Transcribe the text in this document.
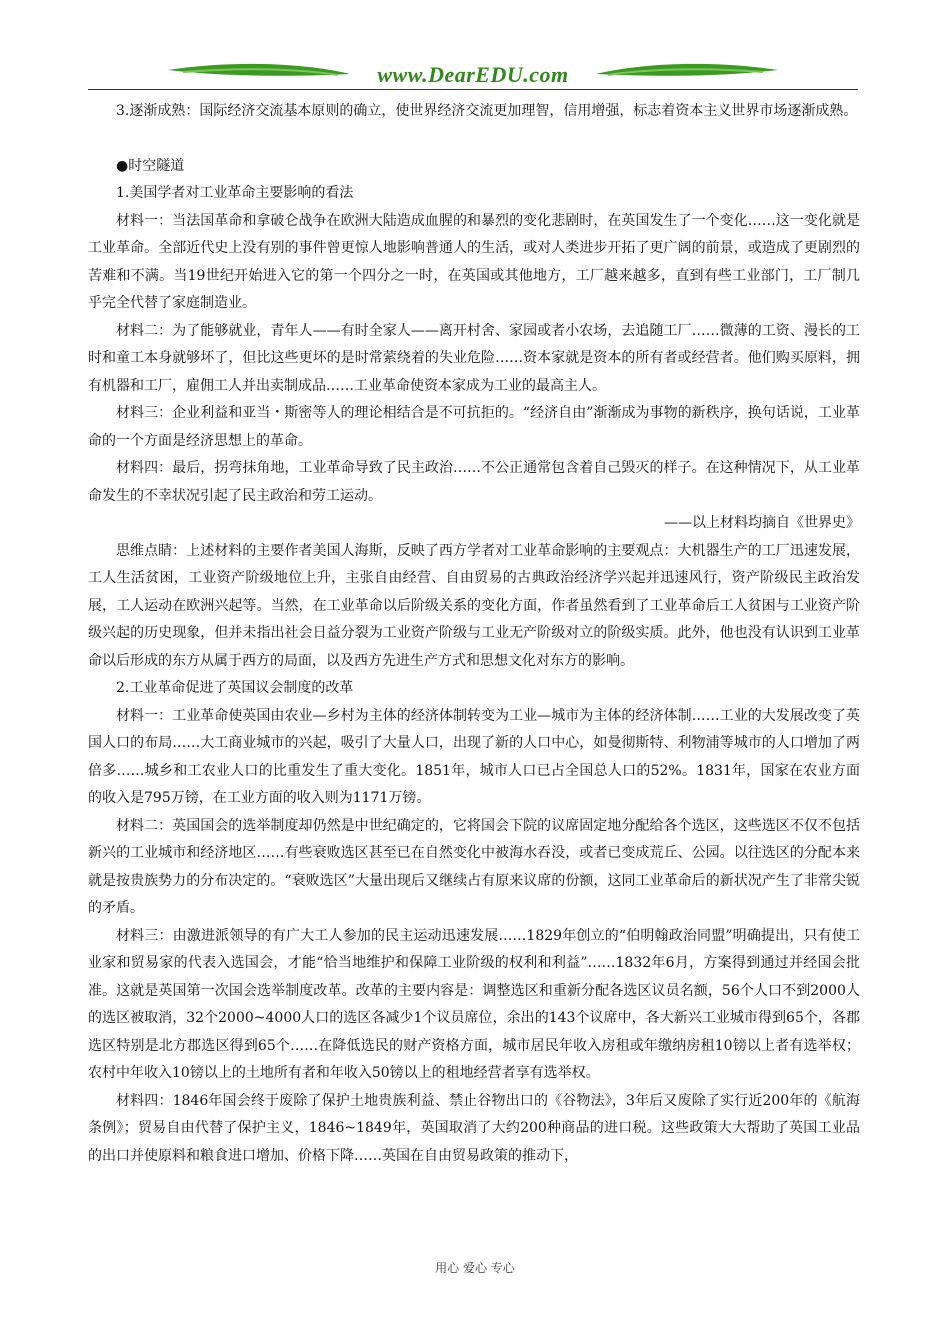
www.DearEDU.com

3.逐渐成熟：国际经济交流基本原则的确立，使世界经济交流更加理智，信用增强，标志着资本主义世界市场逐渐成熟。

●时空隧道

1.美国学者对工业革命主要影响的看法

材料一：当法国革命和拿破仑战争在欧洲大陆造成血腥的和暴烈的变化悲剧时，在英国发生了一个变化……这一变化就是工业革命。全部近代史上没有别的事件曾更惊人地影响普通人的生活，或对人类进步开拓了更广阔的前景，或造成了更剧烈的苦难和不满。当19世纪开始进入它的第一个四分之一时，在英国或其他地方，工厂越来越多，直到有些工业部门，工厂制几乎完全代替了家庭制造业。

材料二：为了能够就业，青年人——有时全家人——离开村舍、家园或者小农场，去追随工厂……微薄的工资、漫长的工时和童工本身就够坏了，但比这些更坏的是时常萦绕着的失业危险……资本家就是资本的所有者或经营者。他们购买原料，拥有机器和工厂，雇佣工人并出卖制成品……工业革命使资本家成为工业的最高主人。

材料三：企业利益和亚当・斯密等人的理论相结合是不可抗拒的。“经济自由”渐渐成为事物的新秩序，换句话说，工业革命的一个方面是经济思想上的革命。

材料四：最后，拐弯抹角地，工业革命导致了民主政治……不公正通常包含着自己毁灭的样子。在这种情况下，从工业革命发生的不幸状况引起了民主政治和劳工运动。

——以上材料均摘自《世界史》

思维点睛：上述材料的主要作者美国人海斯，反映了西方学者对工业革命影响的主要观点：大机器生产的工厂迅速发展，工人生活贫困，工业资产阶级地位上升，主张自由经营、自由贸易的古典政治经济学兴起并迅速风行，资产阶级民主政治发展，工人运动在欧洲兴起等。当然，在工业革命以后阶级关系的变化方面，作者虽然看到了工业革命后工人贫困与工业资产阶级兴起的历史现象，但并未指出社会日益分裂为工业资产阶级与工业无产阶级对立的阶级实质。此外，他也没有认识到工业革命以后形成的东方从属于西方的局面，以及西方先进生产方式和思想文化对东方的影响。

2.工业革命促进了英国议会制度的改革

材料一：工业革命使英国由农业—乡村为主体的经济体制转变为工业—城市为主体的经济体制……工业的大发展改变了英国人口的布局……大工商业城市的兴起，吸引了大量人口，出现了新的人口中心，如曼彻斯特、利物浦等城市的人口增加了两倍多……城乡和工农业人口的比重发生了重大变化。1851年，城市人口已占全国总人口的52%。1831年，国家在农业方面的收入是795万镑，在工业方面的收入则为1171万镑。

材料二：英国国会的选举制度却仍然是中世纪确定的，它将国会下院的议席固定地分配给各个选区，这些选区不仅不包括新兴的工业城市和经济地区……有些衰败选区甚至已在自然变化中被海水吞没，或者已变成荒丘、公园。以往选区的分配本来就是按贵族势力的分布决定的。“衰败选区”大量出现后又继续占有原来议席的份额，这同工业革命后的新状况产生了非常尖锐的矛盾。

材料三：由激进派领导的有广大工人参加的民主运动迅速发展……1829年创立的“伯明翰政治同盟”明确提出，只有使工业家和贸易家的代表入选国会，才能“恰当地维护和保障工业阶级的权利和利益”……1832年6月，方案得到通过并经国会批准。这就是英国第一次国会选举制度改革。改革的主要内容是：调整选区和重新分配各选区议员名额，56个人口不到2000人的选区被取消，32个2000~4000人口的选区各减少1个议员席位，余出的143个议席中，各大新兴工业城市得到65个，各郡选区特别是北方郡选区得到65个……在降低选民的财产资格方面，城市居民年收入房租或年缴纳房租10镑以上者有选举权；农村中年收入10镑以上的土地所有者和年收入50镑以上的租地经营者享有选举权。

材料四：1846年国会终于废除了保护土地贵族利益、禁止谷物出口的《谷物法》，3年后又废除了实行近200年的《航海条例》；贸易自由代替了保护主义，1846~1849年，英国取消了大约200种商品的进口税。这些政策大大帮助了英国工业品的出口并使原料和粮食进口增加、价格下降……英国在自由贸易政策的推动下，

用心 爱心 专心
